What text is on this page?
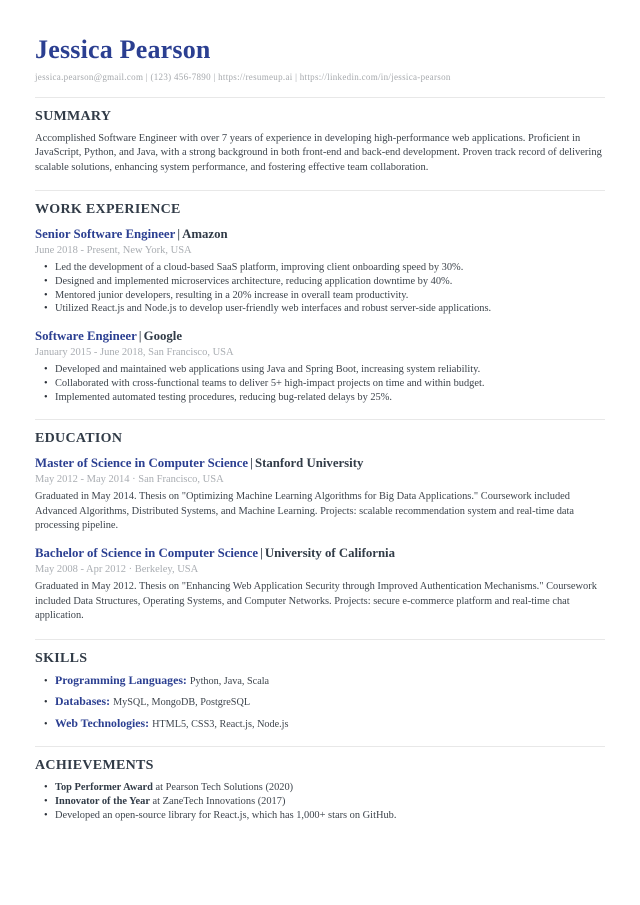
Jessica Pearson
jessica.pearson@gmail.com | (123) 456-7890 | https://resumeup.ai | https://linkedin.com/in/jessica-pearson
SUMMARY

Accomplished Software Engineer with over 7 years of experience in developing high-performance web applications. Proficient in JavaScript, Python, and Java, with a strong background in both front-end and back-end development. Proven track record of delivering scalable solutions, enhancing system performance, and fostering effective team collaboration.

WORK EXPERIENCE
Senior Software Engineer | Amazon
June 2018 - Present, New York, USA
• Led the development of a cloud-based SaaS platform, improving client onboarding speed by 30%.
• Designed and implemented microservices architecture, reducing application downtime by 40%.
• Mentored junior developers, resulting in a 20% increase in overall team productivity.
• Utilized React.js and Node.js to develop user-friendly web interfaces and robust server-side applications.
Software Engineer | Google
January 2015 - June 2018, San Francisco, USA
• Developed and maintained web applications using Java and Spring Boot, increasing system reliability.
• Collaborated with cross-functional teams to deliver 5+ high-impact projects on time and within budget.
• Implemented automated testing procedures, reducing bug-related delays by 25%.
EDUCATION
Master of Science in Computer Science | Stanford University
May 2012 - May 2014 · San Francisco, USA

Graduated in May 2014. Thesis on "Optimizing Machine Learning Algorithms for Big Data Applications." Coursework included Advanced Algorithms, Distributed Systems, and Machine Learning. Projects: scalable recommendation system and real-time data processing pipeline.

Bachelor of Science in Computer Science | University of California
May 2008 - Apr 2012 · Berkeley, USA

Graduated in May 2012. Thesis on "Enhancing Web Application Security through Improved Authentication Mechanisms." Coursework included Data Structures, Operating Systems, and Computer Networks. Projects: secure e-commerce platform and real-time chat application.

SKILLS
• Programming Languages: Python, Java, Scala
• Databases: MySQL, MongoDB, PostgreSQL
• Web Technologies: HTML5, CSS3, React.js, Node.js
ACHIEVEMENTS
• Top Performer Award at Pearson Tech Solutions (2020)
• Innovator of the Year at ZaneTech Innovations (2017)
• Developed an open-source library for React.js, which has 1,000+ stars on GitHub.
